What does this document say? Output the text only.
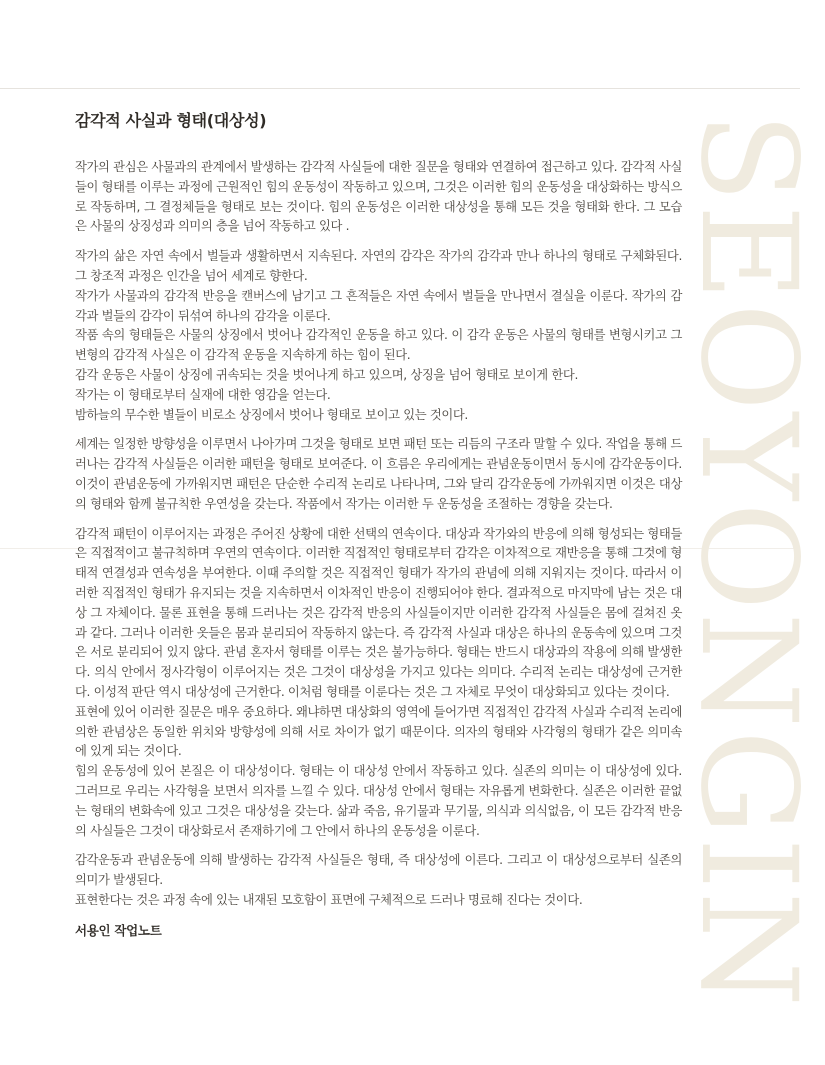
SEOYONGIN
감각적 사실과 형태(대상성)
작가의 관심은 사물과의 관계에서 발생하는 감각적 사실들에 대한 질문을 형태와 연결하여 접근하고 있다. 감각적 사실들이 형태를 이루는 과정에 근원적인 힘의 운동성이 작동하고 있으며, 그것은 이러한 힘의 운동성을 대상화하는 방식으로 작동하며, 그 결정체들을 형태로 보는 것이다. 힘의 운동성은 이러한 대상성을 통해 모든 것을 형태화 한다. 그 모습은 사물의 상징성과 의미의 층을 넘어 작동하고 있다 .
작가의 삶은 자연 속에서 벌들과 생활하면서 지속된다. 자연의 감각은 작가의 감각과 만나 하나의 형태로 구체화된다. 그 창조적 과정은 인간을 넘어 세계로 향한다.
작가가 사물과의 감각적 반응을 캔버스에 남기고 그 흔적들은 자연 속에서 벌들을 만나면서 결실을 이룬다. 작가의 감각과 벌들의 감각이 뒤섞여 하나의 감각을 이룬다.
작품 속의 형태들은 사물의 상징에서 벗어나 감각적인 운동을 하고 있다. 이 감각 운동은 사물의 형태를 변형시키고 그 변형의 감각적 사실은 이 감각적 운동을 지속하게 하는 힘이 된다.
감각 운동은 사물이 상징에 귀속되는 것을 벗어나게 하고 있으며, 상징을 넘어 형태로 보이게 한다.
작가는 이 형태로부터 실재에 대한 영감을 얻는다.
밤하늘의 무수한 별들이 비로소 상징에서 벗어나 형태로 보이고 있는 것이다.
세계는 일정한 방향성을 이루면서 나아가며 그것을 형태로 보면 패턴 또는 리듬의 구조라 말할 수 있다. 작업을 통해 드러나는 감각적 사실들은 이러한 패턴을 형태로 보여준다. 이 흐름은 우리에게는 관념운동이면서 동시에 감각운동이다. 이것이 관념운동에 가까워지면 패턴은 단순한 수리적 논리로 나타나며, 그와 달리 감각운동에 가까워지면 이것은 대상의 형태와 함께 불규칙한 우연성을 갖는다. 작품에서 작가는 이러한 두 운동성을 조절하는 경향을 갖는다.
감각적 패턴이 이루어지는 과정은 주어진 상황에 대한 선택의 연속이다. 대상과 작가와의 반응에 의해 형성되는 형태들은 직접적이고 불규칙하며 우연의 연속이다. 이러한 직접적인 형태로부터 감각은 이차적으로 재반응을 통해 그것에 형태적 연결성과 연속성을 부여한다. 이때 주의할 것은 직접적인 형태가 작가의 관념에 의해 지워지는 것이다. 따라서 이러한 직접적인 형태가 유지되는 것을 지속하면서 이차적인 반응이 진행되어야 한다. 결과적으로 마지막에 남는 것은 대상 그 자체이다. 물론 표현을 통해 드러나는 것은 감각적 반응의 사실들이지만 이러한 감각적 사실들은 몸에 걸쳐진 옷과 같다. 그러나 이러한 옷들은 몸과 분리되어 작동하지 않는다. 즉 감각적 사실과 대상은 하나의 운동속에 있으며 그것은 서로 분리되어 있지 않다. 관념 혼자서 형태를 이루는 것은 불가능하다. 형태는 반드시 대상과의 작용에 의해 발생한다. 의식 안에서 정사각형이 이루어지는 것은 그것이 대상성을 가지고 있다는 의미다. 수리적 논리는 대상성에 근거한다. 이성적 판단 역시 대상성에 근거한다. 이처럼 형태를 이룬다는 것은 그 자체로 무엇이 대상화되고 있다는 것이다.
표현에 있어 이러한 질문은 매우 중요하다. 왜냐하면 대상화의 영역에 들어가면 직접적인 감각적 사실과 수리적 논리에 의한 관념상은 동일한 위치와 방향성에 의해 서로 차이가 없기 때문이다. 의자의 형태와 사각형의 형태가 같은 의미속에 있게 되는 것이다.
힘의 운동성에 있어 본질은 이 대상성이다. 형태는 이 대상성 안에서 작동하고 있다. 실존의 의미는 이 대상성에 있다. 그러므로 우리는 사각형을 보면서 의자를 느낄 수 있다. 대상성 안에서 형태는 자유롭게 변화한다. 실존은 이러한 끝없는 형태의 변화속에 있고 그것은 대상성을 갖는다. 삶과 죽음, 유기물과 무기물, 의식과 의식없음, 이 모든 감각적 반응의 사실들은 그것이 대상화로서 존재하기에 그 안에서 하나의 운동성을 이룬다.
감각운동과 관념운동에 의해 발생하는 감각적 사실들은 형태, 즉 대상성에 이른다. 그리고 이 대상성으로부터 실존의 의미가 발생된다.
표현한다는 것은 과정 속에 있는 내재된 모호함이 표면에 구체적으로 드러나 명료해 진다는 것이다.
서용인 작업노트
